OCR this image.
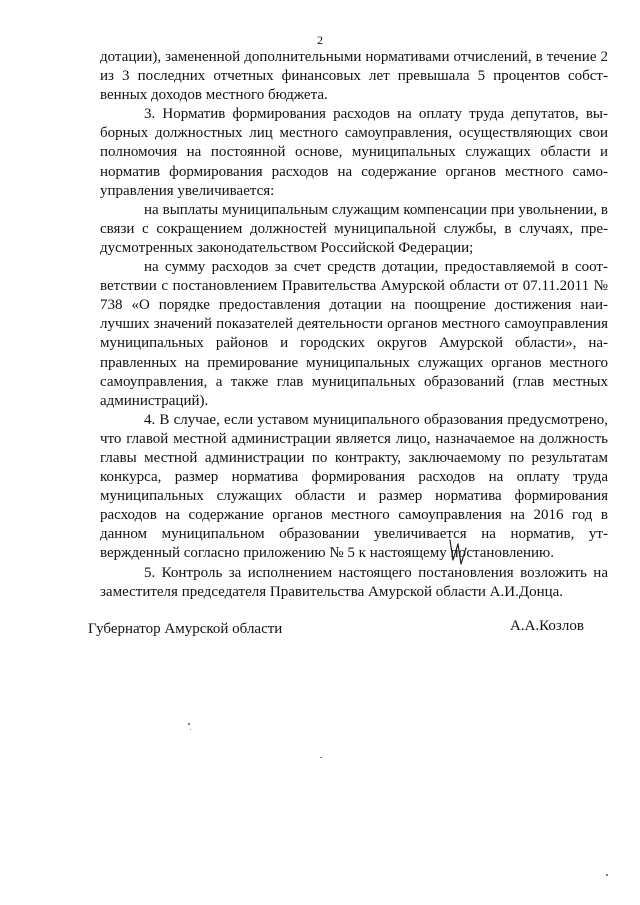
2

дотации), замененной дополнительными нормативами отчислений, в течение 2 из 3 последних отчетных финансовых лет превышала 5 процентов собственных доходов местного бюджета.

3. Норматив формирования расходов на оплату труда депутатов, выборных должностных лиц местного самоуправления, осуществляющих свои полномочия на постоянной основе, муниципальных служащих области и норматив формирования расходов на содержание органов местного самоуправления увеличивается:

на выплаты муниципальным служащим компенсации при увольнении, в связи с сокращением должностей муниципальной службы, в случаях, предусмотренных законодательством Российской Федерации;

на сумму расходов за счет средств дотации, предоставляемой в соответствии с постановлением Правительства Амурской области от 07.11.2011 № 738 «О порядке предоставления дотации на поощрение достижения наилучших значений показателей деятельности органов местного самоуправления муниципальных районов и городских округов Амурской области», направленных на премирование муниципальных служащих органов местного самоуправления, а также глав муниципальных образований (глав местных администраций).

4. В случае, если уставом муниципального образования предусмотрено, что главой местной администрации является лицо, назначаемое на должность главы местной администрации по контракту, заключаемому по результатам конкурса, размер норматива формирования расходов на оплату труда муниципальных служащих области и размер норматива формирования расходов на содержание органов местного самоуправления на 2016 год в данном муниципальном образовании увеличивается на норматив, утвержденный согласно приложению № 5 к настоящему постановлению.

5. Контроль за исполнением настоящего постановления возложить на заместителя председателя Правительства Амурской области А.И.Донца.

Губернатор Амурской области	А.А.Козлов
